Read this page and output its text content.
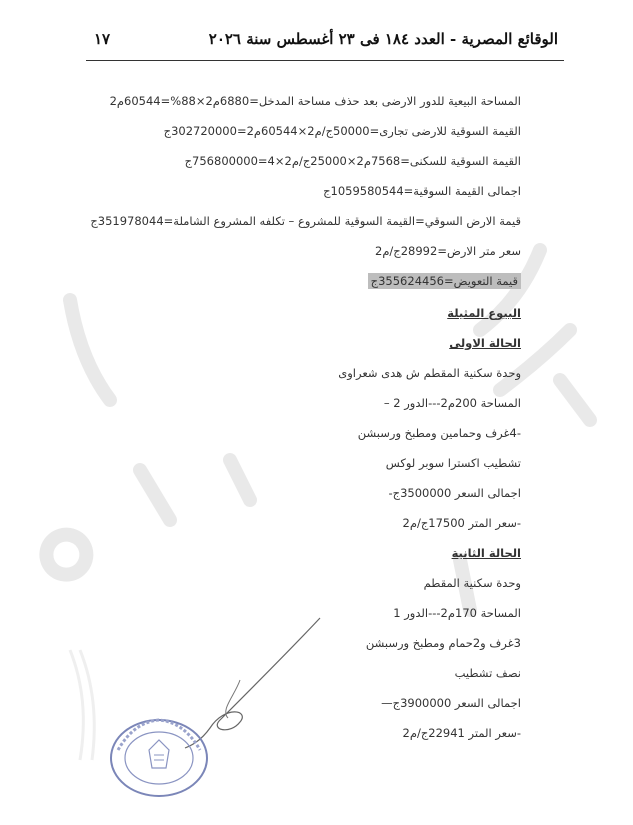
الوقائع المصرية - العدد ١٨٤ فى ٢٣ أغسطس سنة ٢٠٢٦
١٧
المساحة البيعية للدور الارضى بعد حذف مساحة المدخل=6880م2×88%=60544م2
القيمة السوقية للارضى تجارى=50000ج/م2×60544م2=302720000ج
القيمة السوقية للسكنى=7568م2×25000ج/م2×4=756800000ج
اجمالى القيمة السوقية=1059580544ج
قيمة الارض السوقي=القيمة السوقية للمشروع – تكلفه المشروع الشاملة=351978044ج
سعر متر الارض=28992ج/م2
قيمة التعويض=355624456ج
البيوع المثيلة
الحالة الاولى
وحدة سكنية المقطم ش هدى شعراوى
المساحة 200م2---الدور 2 –
-4غرف وحمامين ومطبخ ورسبشن
تشطيب اكسترا سوبر لوكس
اجمالى السعر 3500000ج-
-سعر المتر 17500ج/م2
الحالة الثانية
وحدة سكنية المقطم
المساحة 170م2---الدور 1
3غرف و2حمام ومطبخ ورسبشن
نصف تشطيب
اجمالى السعر 3900000ج—
-سعر المتر 22941ج/م2
